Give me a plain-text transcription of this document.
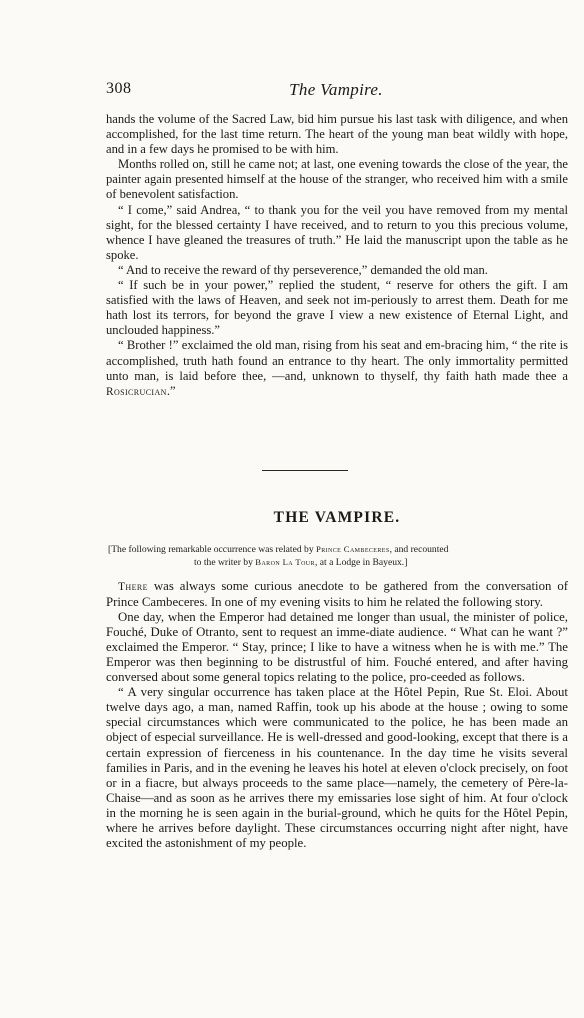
308	The Vampire.

hands the volume of the Sacred Law, bid him pursue his last task with diligence, and when accomplished, for the last time return. The heart of the young man beat wildly with hope, and in a few days he promised to be with him.

Months rolled on, still he came not; at last, one evening towards the close of the year, the painter again presented himself at the house of the stranger, who received him with a smile of benevolent satisfaction.

“ I come,” said Andrea, “ to thank you for the veil you have removed from my mental sight, for the blessed certainty I have received, and to return to you this precious volume, whence I have gleaned the treasures of truth.” He laid the manuscript upon the table as he spoke.

“ And to receive the reward of thy perseverence,” demanded the old man.

“ If such be in your power,” replied the student, “ reserve for others the gift. I am satisfied with the laws of Heaven, and seek not im-periously to arrest them. Death for me hath lost its terrors, for beyond the grave I view a new existence of Eternal Light, and unclouded happiness.”

“ Brother !” exclaimed the old man, rising from his seat and em-bracing him, “ the rite is accomplished, truth hath found an entrance to thy heart. The only immortality permitted unto man, is laid before thee, —and, unknown to thyself, thy faith hath made thee a Rosicrucian.”

THE VAMPIRE.

[The following remarkable occurrence was related by Prince Cambeceres, and recounted

to the writer by Baron La Tour, at a Lodge in Bayeux.]

There was always some curious anecdote to be gathered from the conversation of Prince Cambeceres. In one of my evening visits to him he related the following story.

One day, when the Emperor had detained me longer than usual, the minister of police, Fouché, Duke of Otranto, sent to request an imme-diate audience. “ What can he want ?” exclaimed the Emperor. “ Stay, prince; I like to have a witness when he is with me.” The Emperor was then beginning to be distrustful of him. Fouché entered, and after having conversed about some general topics relating to the police, pro-ceeded as follows.

“ A very singular occurrence has taken place at the Hôtel Pepin, Rue St. Eloi. About twelve days ago, a man, named Raffin, took up his abode at the house ; owing to some special circumstances which were communicated to the police, he has been made an object of especial surveillance. He is well-dressed and good-looking, except that there is a certain expression of fierceness in his countenance. In the day time he visits several families in Paris, and in the evening he leaves his hotel at eleven o'clock precisely, on foot or in a fiacre, but always proceeds to the same place—namely, the cemetery of Père-la-Chaise—and as soon as he arrives there my emissaries lose sight of him. At four o'clock in the morning he is seen again in the burial-ground, which he quits for the Hôtel Pepin, where he arrives before daylight. These circumstances occurring night after night, have excited the astonishment of my people.
